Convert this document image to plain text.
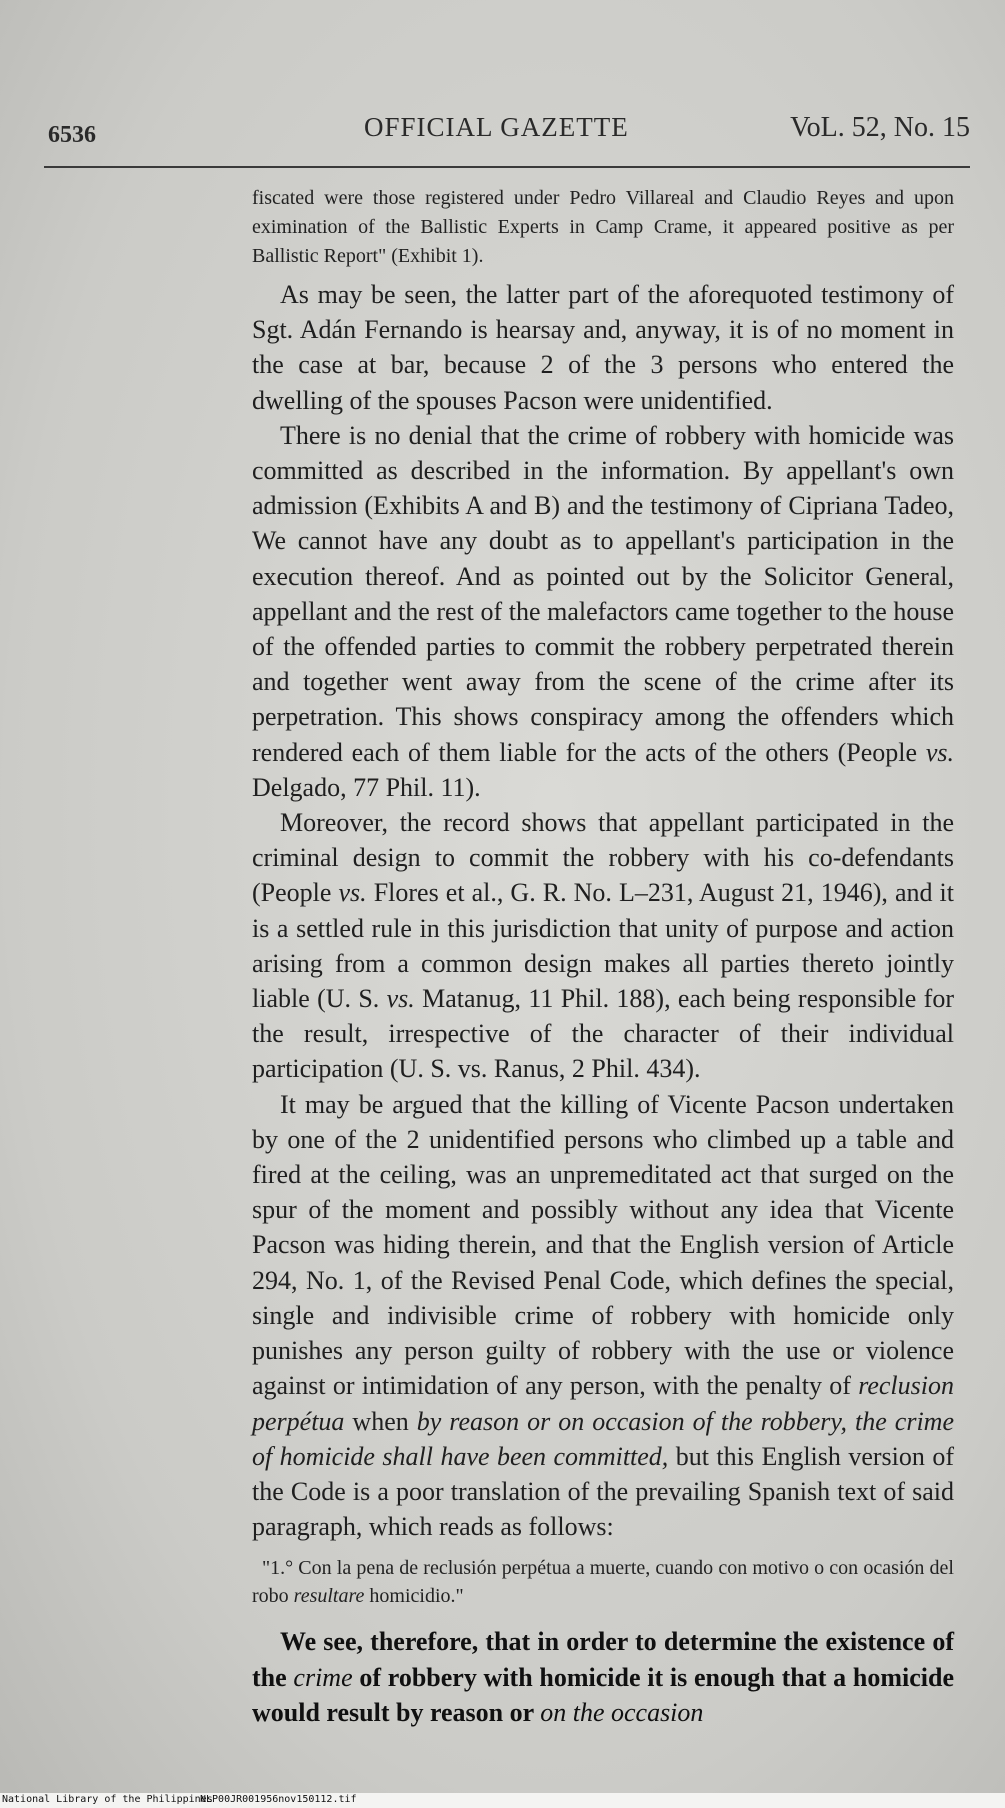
6536	OFFICIAL GAZETTE	VoL. 52, No. 15

fiscated were those registered under Pedro Villareal and Claudio Reyes and upon eximination of the Ballistic Experts in Camp Crame, it appeared positive as per Ballistic Report" (Exhibit 1).

As may be seen, the latter part of the aforequoted testimony of Sgt. Adán Fernando is hearsay and, anyway, it is of no moment in the case at bar, because 2 of the 3 persons who entered the dwelling of the spouses Pacson were unidentified.

There is no denial that the crime of robbery with homicide was committed as described in the information. By appellant's own admission (Exhibits A and B) and the testimony of Cipriana Tadeo, We cannot have any doubt as to appellant's participation in the execution thereof. And as pointed out by the Solicitor General, appellant and the rest of the malefactors came together to the house of the offended parties to commit the robbery perpetrated therein and together went away from the scene of the crime after its perpetration. This shows conspiracy among the offenders which rendered each of them liable for the acts of the others (People vs. Delgado, 77 Phil. 11).

Moreover, the record shows that appellant participated in the criminal design to commit the robbery with his co-defendants (People vs. Flores et al., G. R. No. L–231, August 21, 1946), and it is a settled rule in this jurisdiction that unity of purpose and action arising from a common design makes all parties thereto jointly liable (U. S. vs. Matanug, 11 Phil. 188), each being responsible for the result, irrespective of the character of their individual participation (U. S. vs. Ranus, 2 Phil. 434).

It may be argued that the killing of Vicente Pacson undertaken by one of the 2 unidentified persons who climbed up a table and fired at the ceiling, was an unpremeditated act that surged on the spur of the moment and possibly without any idea that Vicente Pacson was hiding therein, and that the English version of Article 294, No. 1, of the Revised Penal Code, which defines the special, single and indivisible crime of robbery with homicide only punishes any person guilty of robbery with the use or violence against or intimidation of any person, with the penalty of reclusion perpétua when by reason or on occasion of the robbery, the crime of homicide shall have been committed, but this English version of the Code is a poor translation of the prevailing Spanish text of said paragraph, which reads as follows:

"1.° Con la pena de reclusión perpétua a muerte, cuando con motivo o con ocasión del robo resultare homicidio."

We see, therefore, that in order to determine the existence of the crime of robbery with homicide it is enough that a homicide would result by reason or on the occasion

National Library of the Philippines
NLP00JR001956nov150112.tif
